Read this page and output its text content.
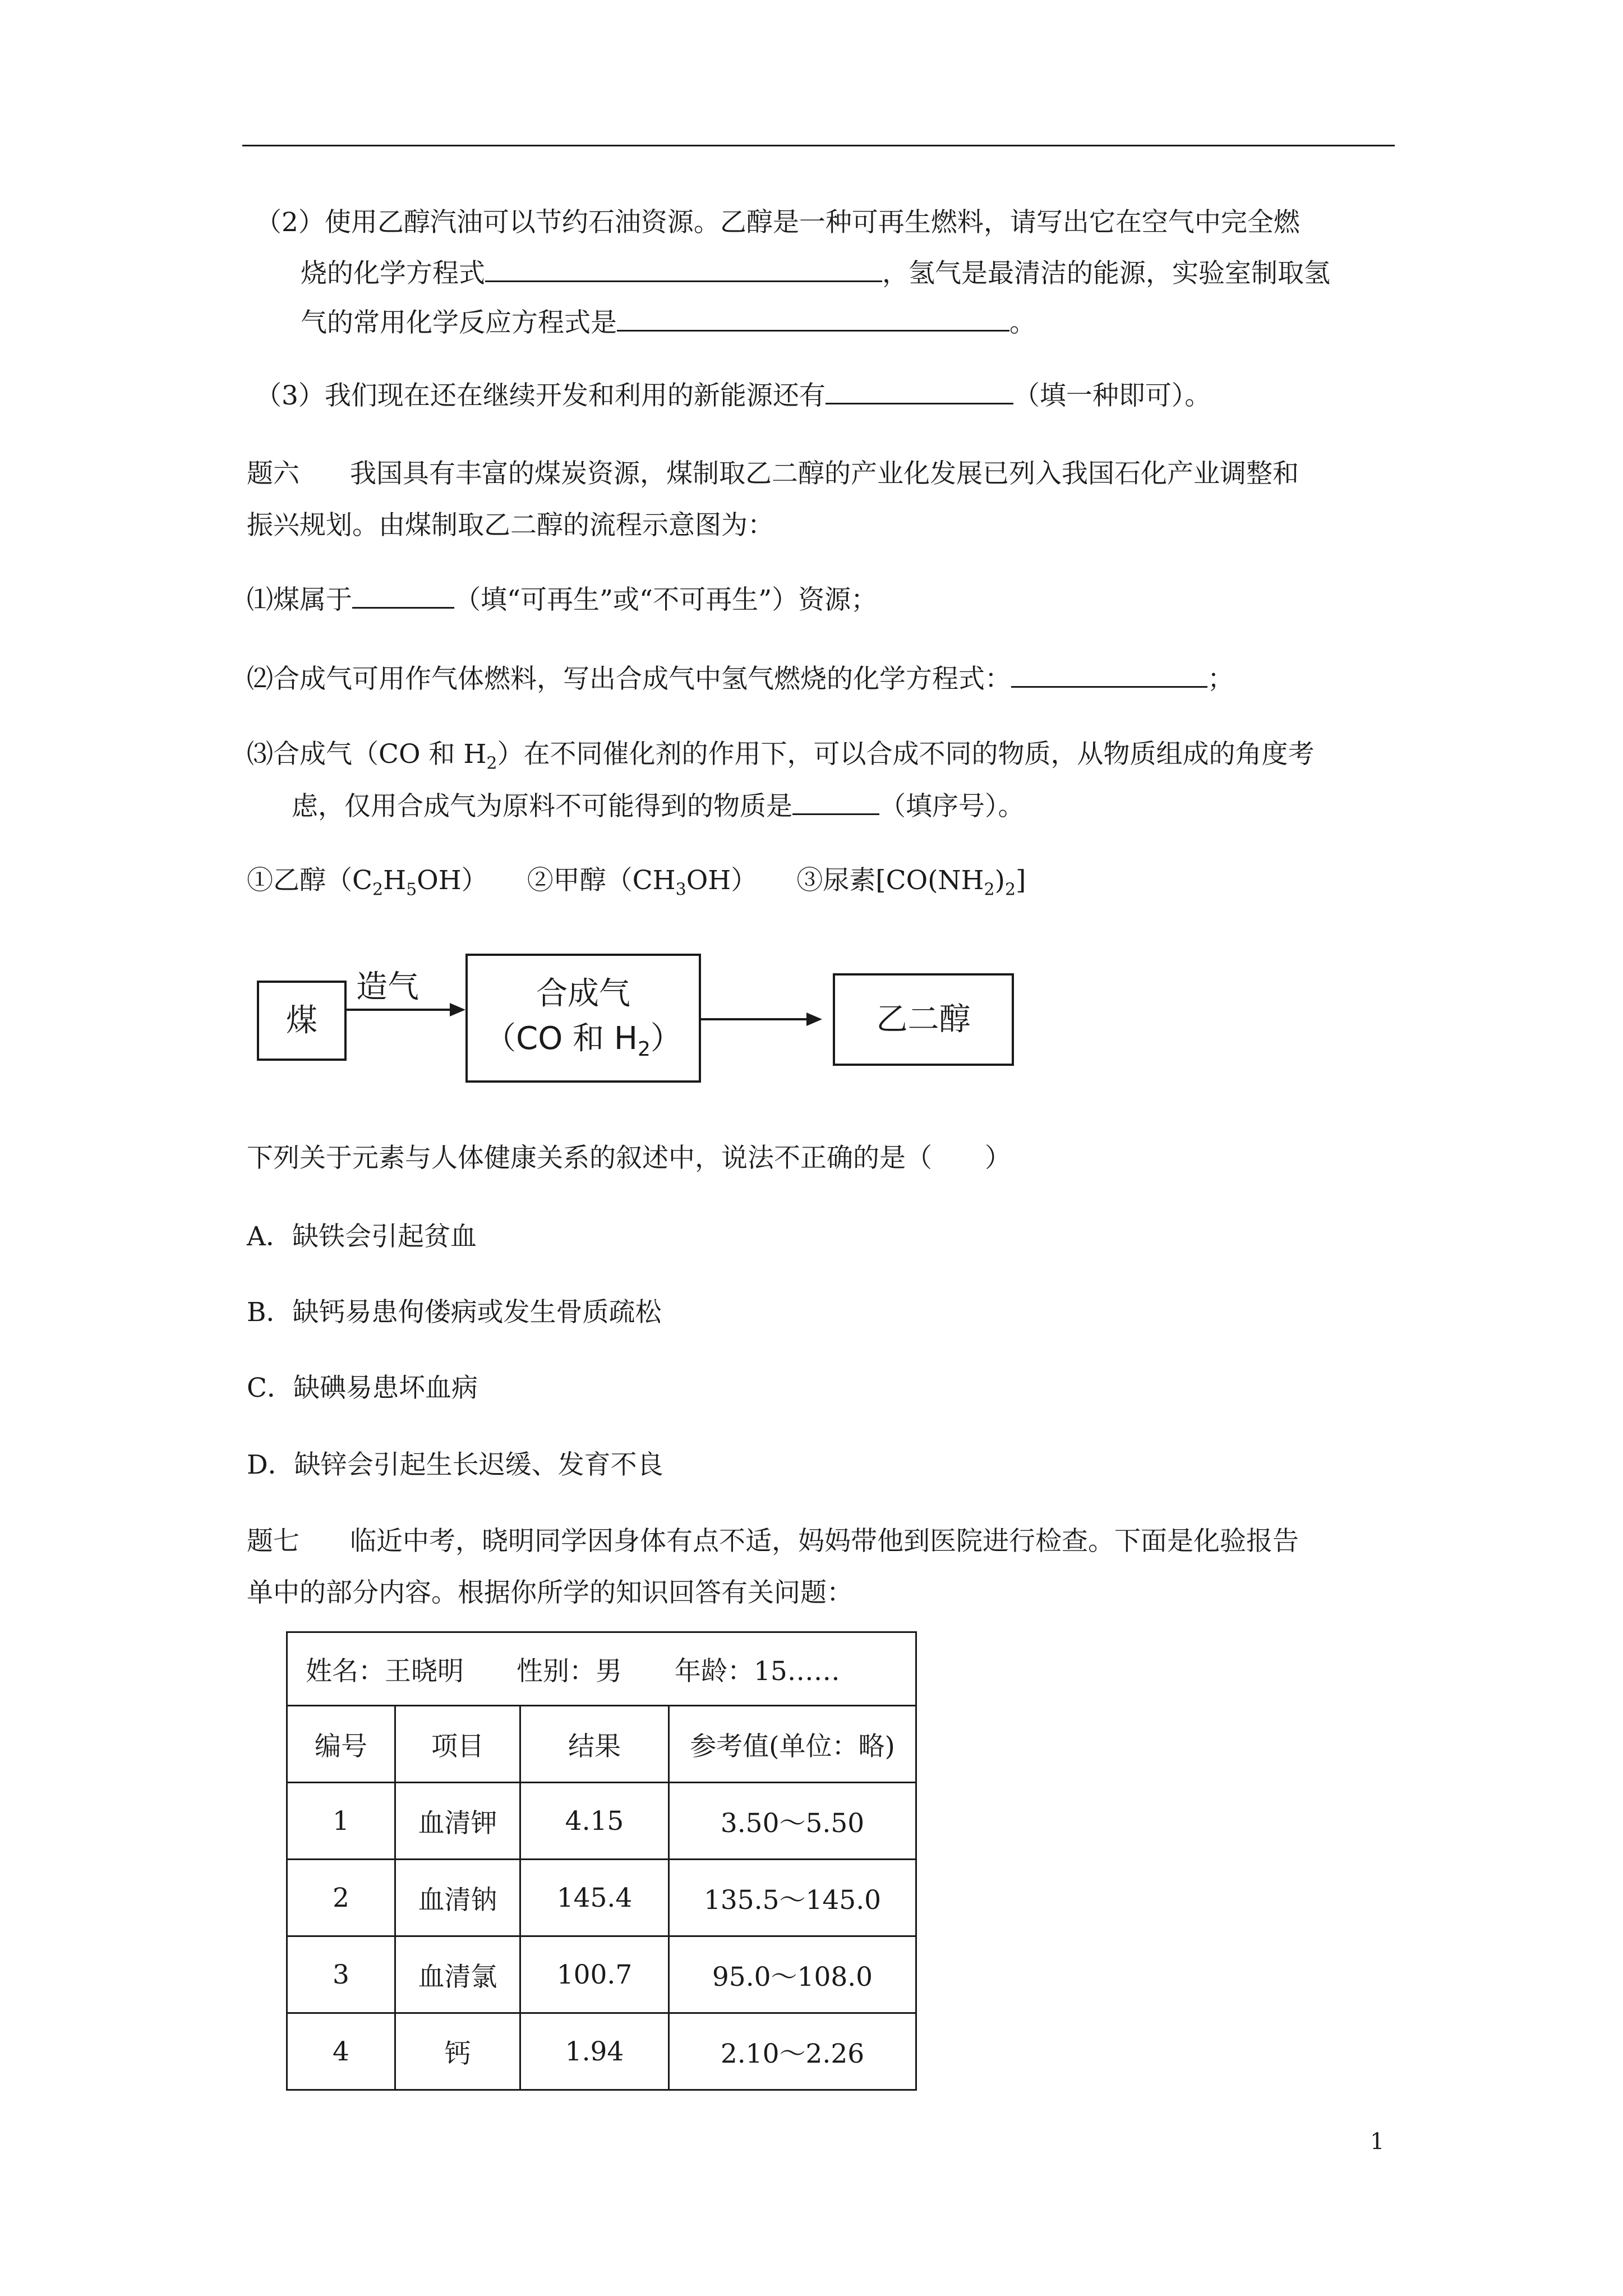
（2）使用乙醇汽油可以节约石油资源。乙醇是一种可再生燃料，请写出它在空气中完全燃
烧的化学方程式	，氢气是最清洁的能源，实验室制取氢
气的常用化学反应方程式是	。
（3）我们现在还在继续开发和利用的新能源还有	（填一种即可）。
题六 我国具有丰富的煤炭资源，煤制取乙二醇的产业化发展已列入我国石化产业调整和
振兴规划。由煤制取乙二醇的流程示意图为：
⑴煤属于	（填“可再生”或“不可再生”）资源；
⑵合成气可用作气体燃料，写出合成气中氢气燃烧的化学方程式：	；
⑶合成气（CO 和 $H_2$）在不同催化剂的作用下，可以合成不同的物质，从物质组成的角度考
虑，仅用合成气为原料不可能得到的物质是	（填序号）。
①乙醇$(C_2H_5OH)$ ②甲醇$(CH_3OH)$ ③尿素$[CO(NH_2)_2]$
煤
造气	合成气
（CO 和 $H_2$）
乙二醇
下列关于元素与人体健康关系的叙述中，说法不正确的是（　　）
A．缺铁会引起贫血
B．缺钙易患佝偻病或发生骨质疏松
C．缺碘易患坏血病
D．缺锌会引起生长迟缓、发育不良
题七 临近中考，晓明同学因身体有点不适，妈妈带他到医院进行检查。下面是化验报告
单中的部分内容。根据你所学的知识回答有关问题：
姓名：王晓明　　性别：男　　年龄：15……			
编号	项目	结果	参考值(单位：略)
1	血清钾	4.15	3.50～5.50
2	血清钠	145.4	135.5～145.0
3	血清氯	100.7	95.0～108.0
4	钙	1.94	2.10～2.26
1
